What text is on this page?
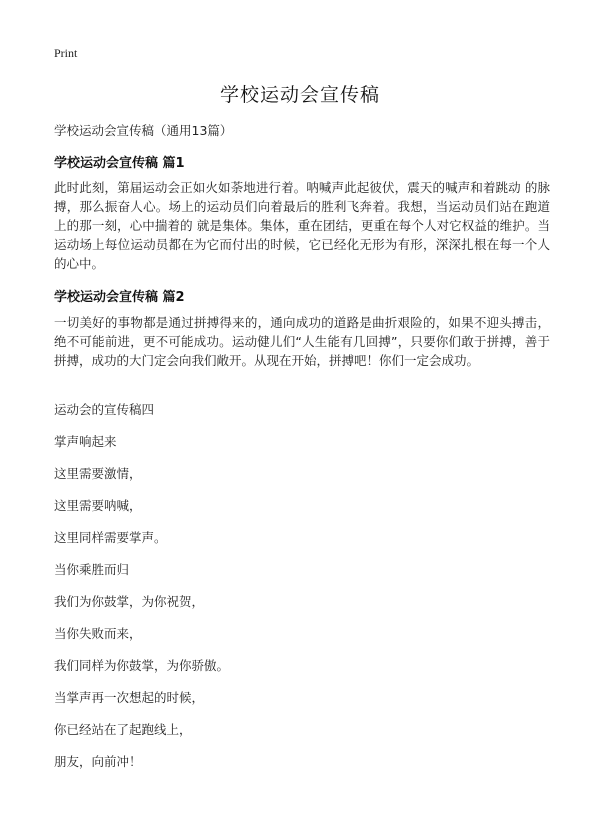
Print
学校运动会宣传稿
学校运动会宣传稿（通用13篇）
学校运动会宣传稿 篇1
此时此刻，第届运动会正如火如荼地进行着。呐喊声此起彼伏，震天的喊声和着跳动 的脉搏，那么振奋人心。场上的运动员们向着最后的胜利飞奔着。我想，当运动员们站在跑道上的那一刻，心中揣着的 就是集体。集体，重在团结，更重在每个人对它权益的维护。当运动场上每位运动员都在为它而付出的时候，它已经化无形为有形，深深扎根在每一个人的心中。
学校运动会宣传稿 篇2
一切美好的事物都是通过拼搏得来的，通向成功的道路是曲折艰险的，如果不迎头搏击，绝不可能前进，更不可能成功。运动健儿们“人生能有几回搏”，只要你们敢于拼搏，善于拼搏，成功的大门定会向我们敞开。从现在开始，拼搏吧！你们一定会成功。
运动会的宣传稿四
掌声响起来
这里需要激情，
这里需要呐喊，
这里同样需要掌声。
当你乘胜而归
我们为你鼓掌，为你祝贺，
当你失败而来，
我们同样为你鼓掌，为你骄傲。
当掌声再一次想起的时候，
你已经站在了起跑线上，
朋友，向前冲！
